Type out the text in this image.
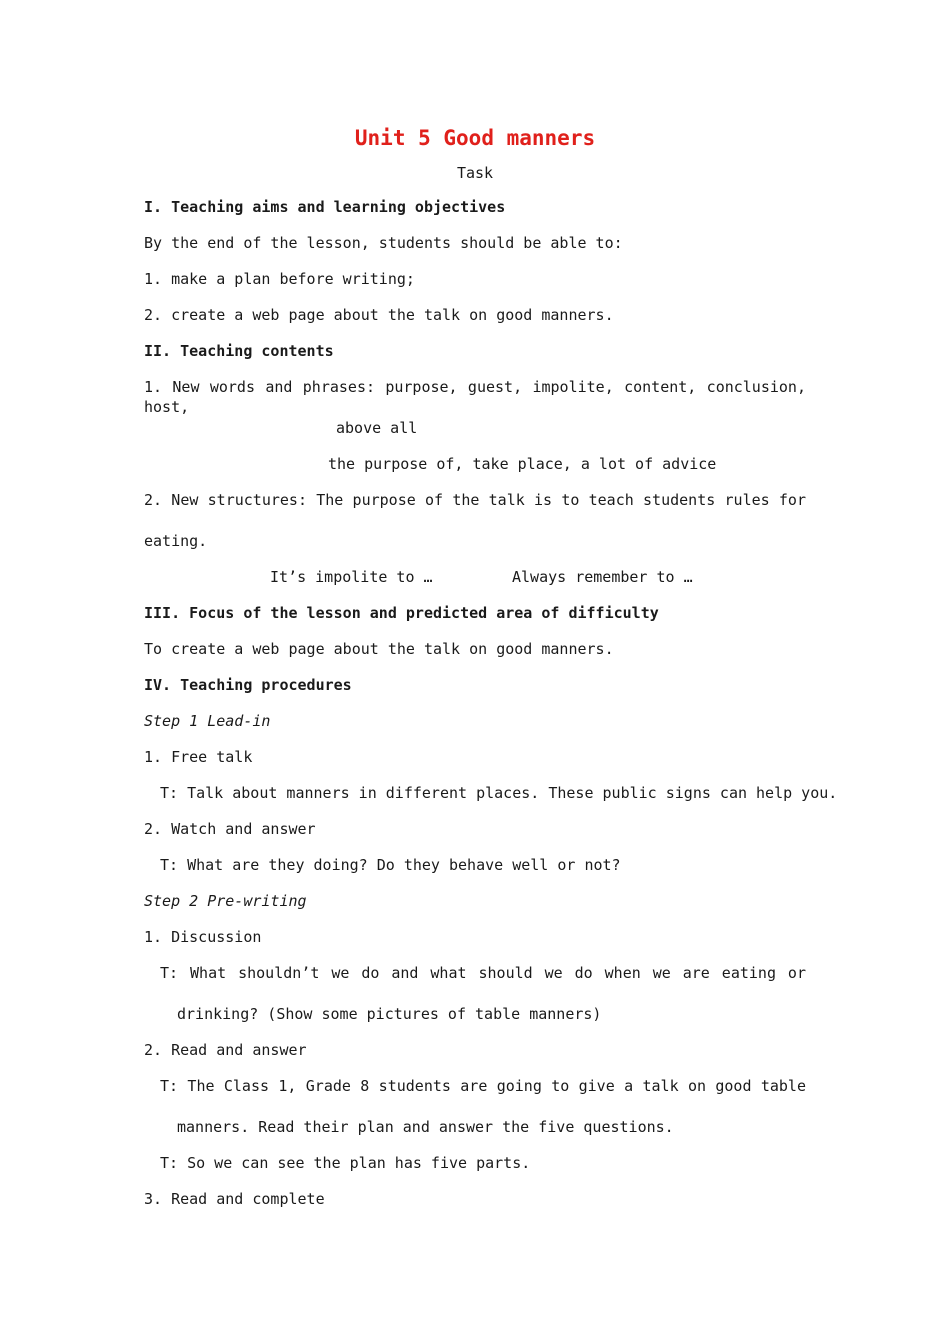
Unit 5 Good manners
Task
I. Teaching aims and learning objectives
By the end of the lesson, students should be able to:
1. make a plan before writing;
2. create a web page about the talk on good manners.
II. Teaching contents
1. New words and phrases: purpose, guest, impolite, content, conclusion, host,
above all
the purpose of, take place, a lot of advice
2. New structures: The purpose of the talk is to teach students rules for
eating.
It’s impolite to …	Always remember to …
III. Focus of the lesson and predicted area of difficulty
To create a web page about the talk on good manners.
IV. Teaching procedures
Step 1 Lead-in
1. Free talk
T: Talk about manners in different places. These public signs can help you.
2. Watch and answer
T: What are they doing? Do they behave well or not?
Step 2 Pre-writing
1. Discussion
T: What shouldn’t we do and what should we do when we are eating or
drinking? (Show some pictures of table manners)
2. Read and answer
T: The Class 1, Grade 8 students are going to give a talk on good table
manners. Read their plan and answer the five questions.
T: So we can see the plan has five parts.
3. Read and complete
